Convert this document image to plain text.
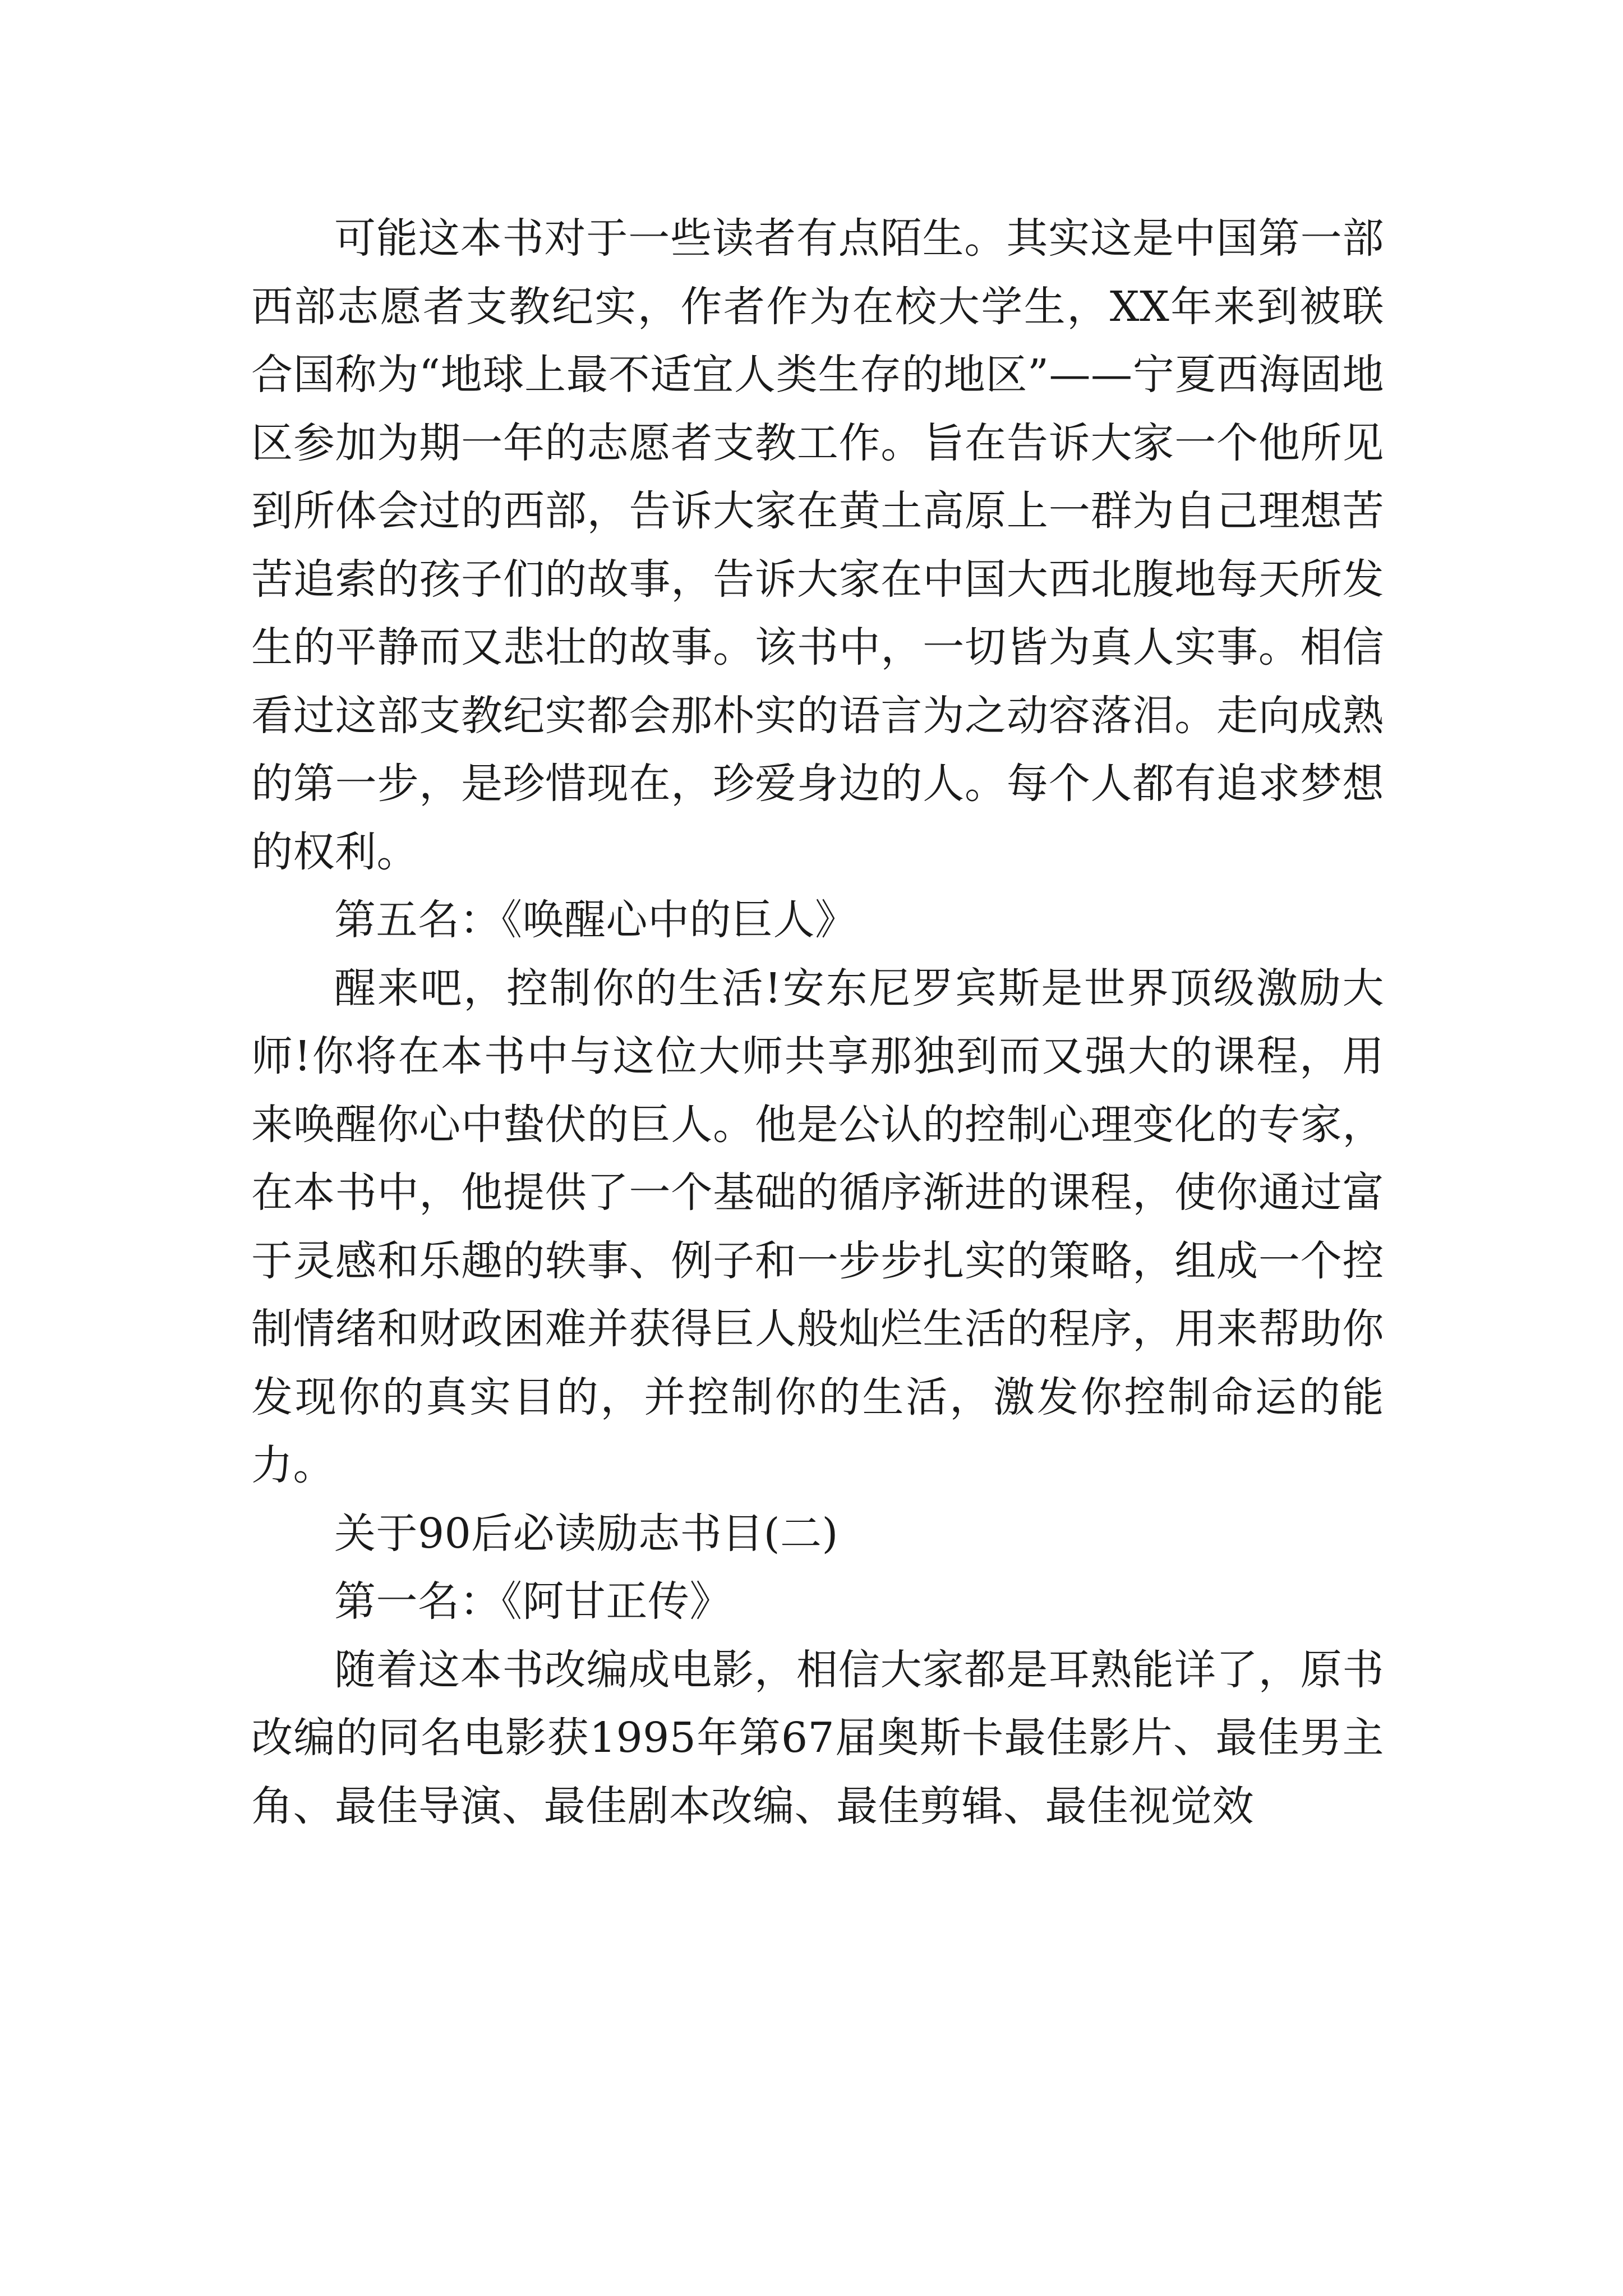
可能这本书对于一些读者有点陌生。其实这是中国第一部西部志愿者支教纪实，作者作为在校大学生，XX年来到被联合国称为“地球上最不适宜人类生存的地区”——宁夏西海固地区参加为期一年的志愿者支教工作。旨在告诉大家一个他所见到所体会过的西部，告诉大家在黄土高原上一群为自己理想苦苦追索的孩子们的故事，告诉大家在中国大西北腹地每天所发生的平静而又悲壮的故事。该书中，一切皆为真人实事。相信看过这部支教纪实都会那朴实的语言为之动容落泪。走向成熟的第一步，是珍惜现在，珍爱身边的人。每个人都有追求梦想的权利。

第五名：《唤醒心中的巨人》

醒来吧，控制你的生活!安东尼罗宾斯是世界顶级激励大师!你将在本书中与这位大师共享那独到而又强大的课程，用来唤醒你心中蛰伏的巨人。他是公认的控制心理变化的专家，在本书中，他提供了一个基础的循序渐进的课程，使你通过富于灵感和乐趣的轶事、例子和一步步扎实的策略，组成一个控制情绪和财政困难并获得巨人般灿烂生活的程序，用来帮助你发现你的真实目的，并控制你的生活，激发你控制命运的能力。

关于90后必读励志书目(二)

第一名：《阿甘正传》

随着这本书改编成电影，相信大家都是耳熟能详了，原书改编的同名电影获1995年第67届奥斯卡最佳影片、最佳男主角、最佳导演、最佳剧本改编、最佳剪辑、最佳视觉效
